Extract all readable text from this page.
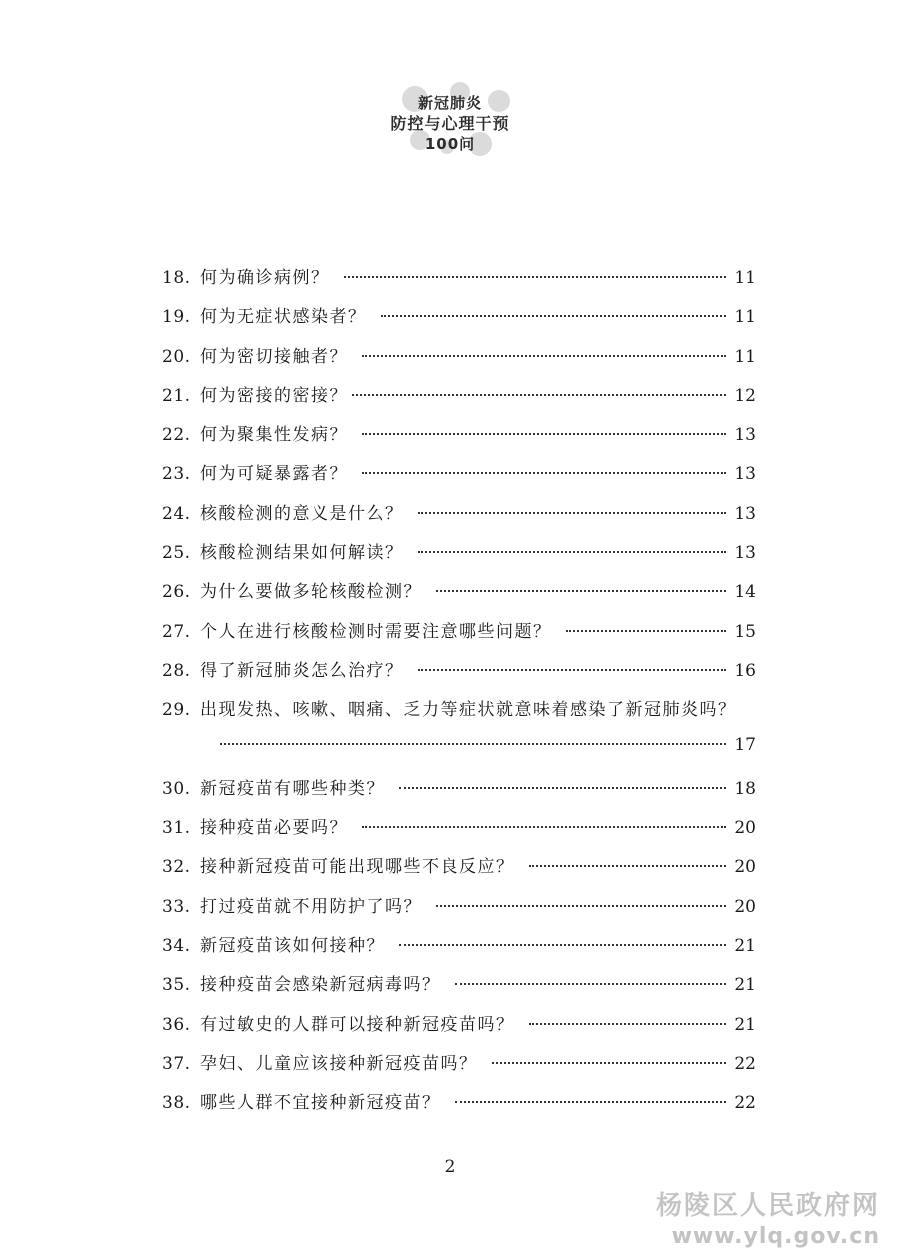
新冠肺炎
防控与心理干预
100问
18. 何为确诊病例？	11
19. 何为无症状感染者？	11
20. 何为密切接触者？	11
21. 何为密接的密接？	12
22. 何为聚集性发病？	13
23. 何为可疑暴露者？	13
24. 核酸检测的意义是什么？	13
25. 核酸检测结果如何解读？	13
26. 为什么要做多轮核酸检测？	14
27. 个人在进行核酸检测时需要注意哪些问题？	15
28. 得了新冠肺炎怎么治疗？	16
29. 出现发热、咳嗽、咽痛、乏力等症状就意味着感染了新冠肺炎吗？
17
30. 新冠疫苗有哪些种类？	18
31. 接种疫苗必要吗？	20
32. 接种新冠疫苗可能出现哪些不良反应？	20
33. 打过疫苗就不用防护了吗？	20
34. 新冠疫苗该如何接种？	21
35. 接种疫苗会感染新冠病毒吗？	21
36. 有过敏史的人群可以接种新冠疫苗吗？	21
37. 孕妇、儿童应该接种新冠疫苗吗？	22
38. 哪些人群不宜接种新冠疫苗？	22
2
杨陵区人民政府网
www.ylq.gov.cn
